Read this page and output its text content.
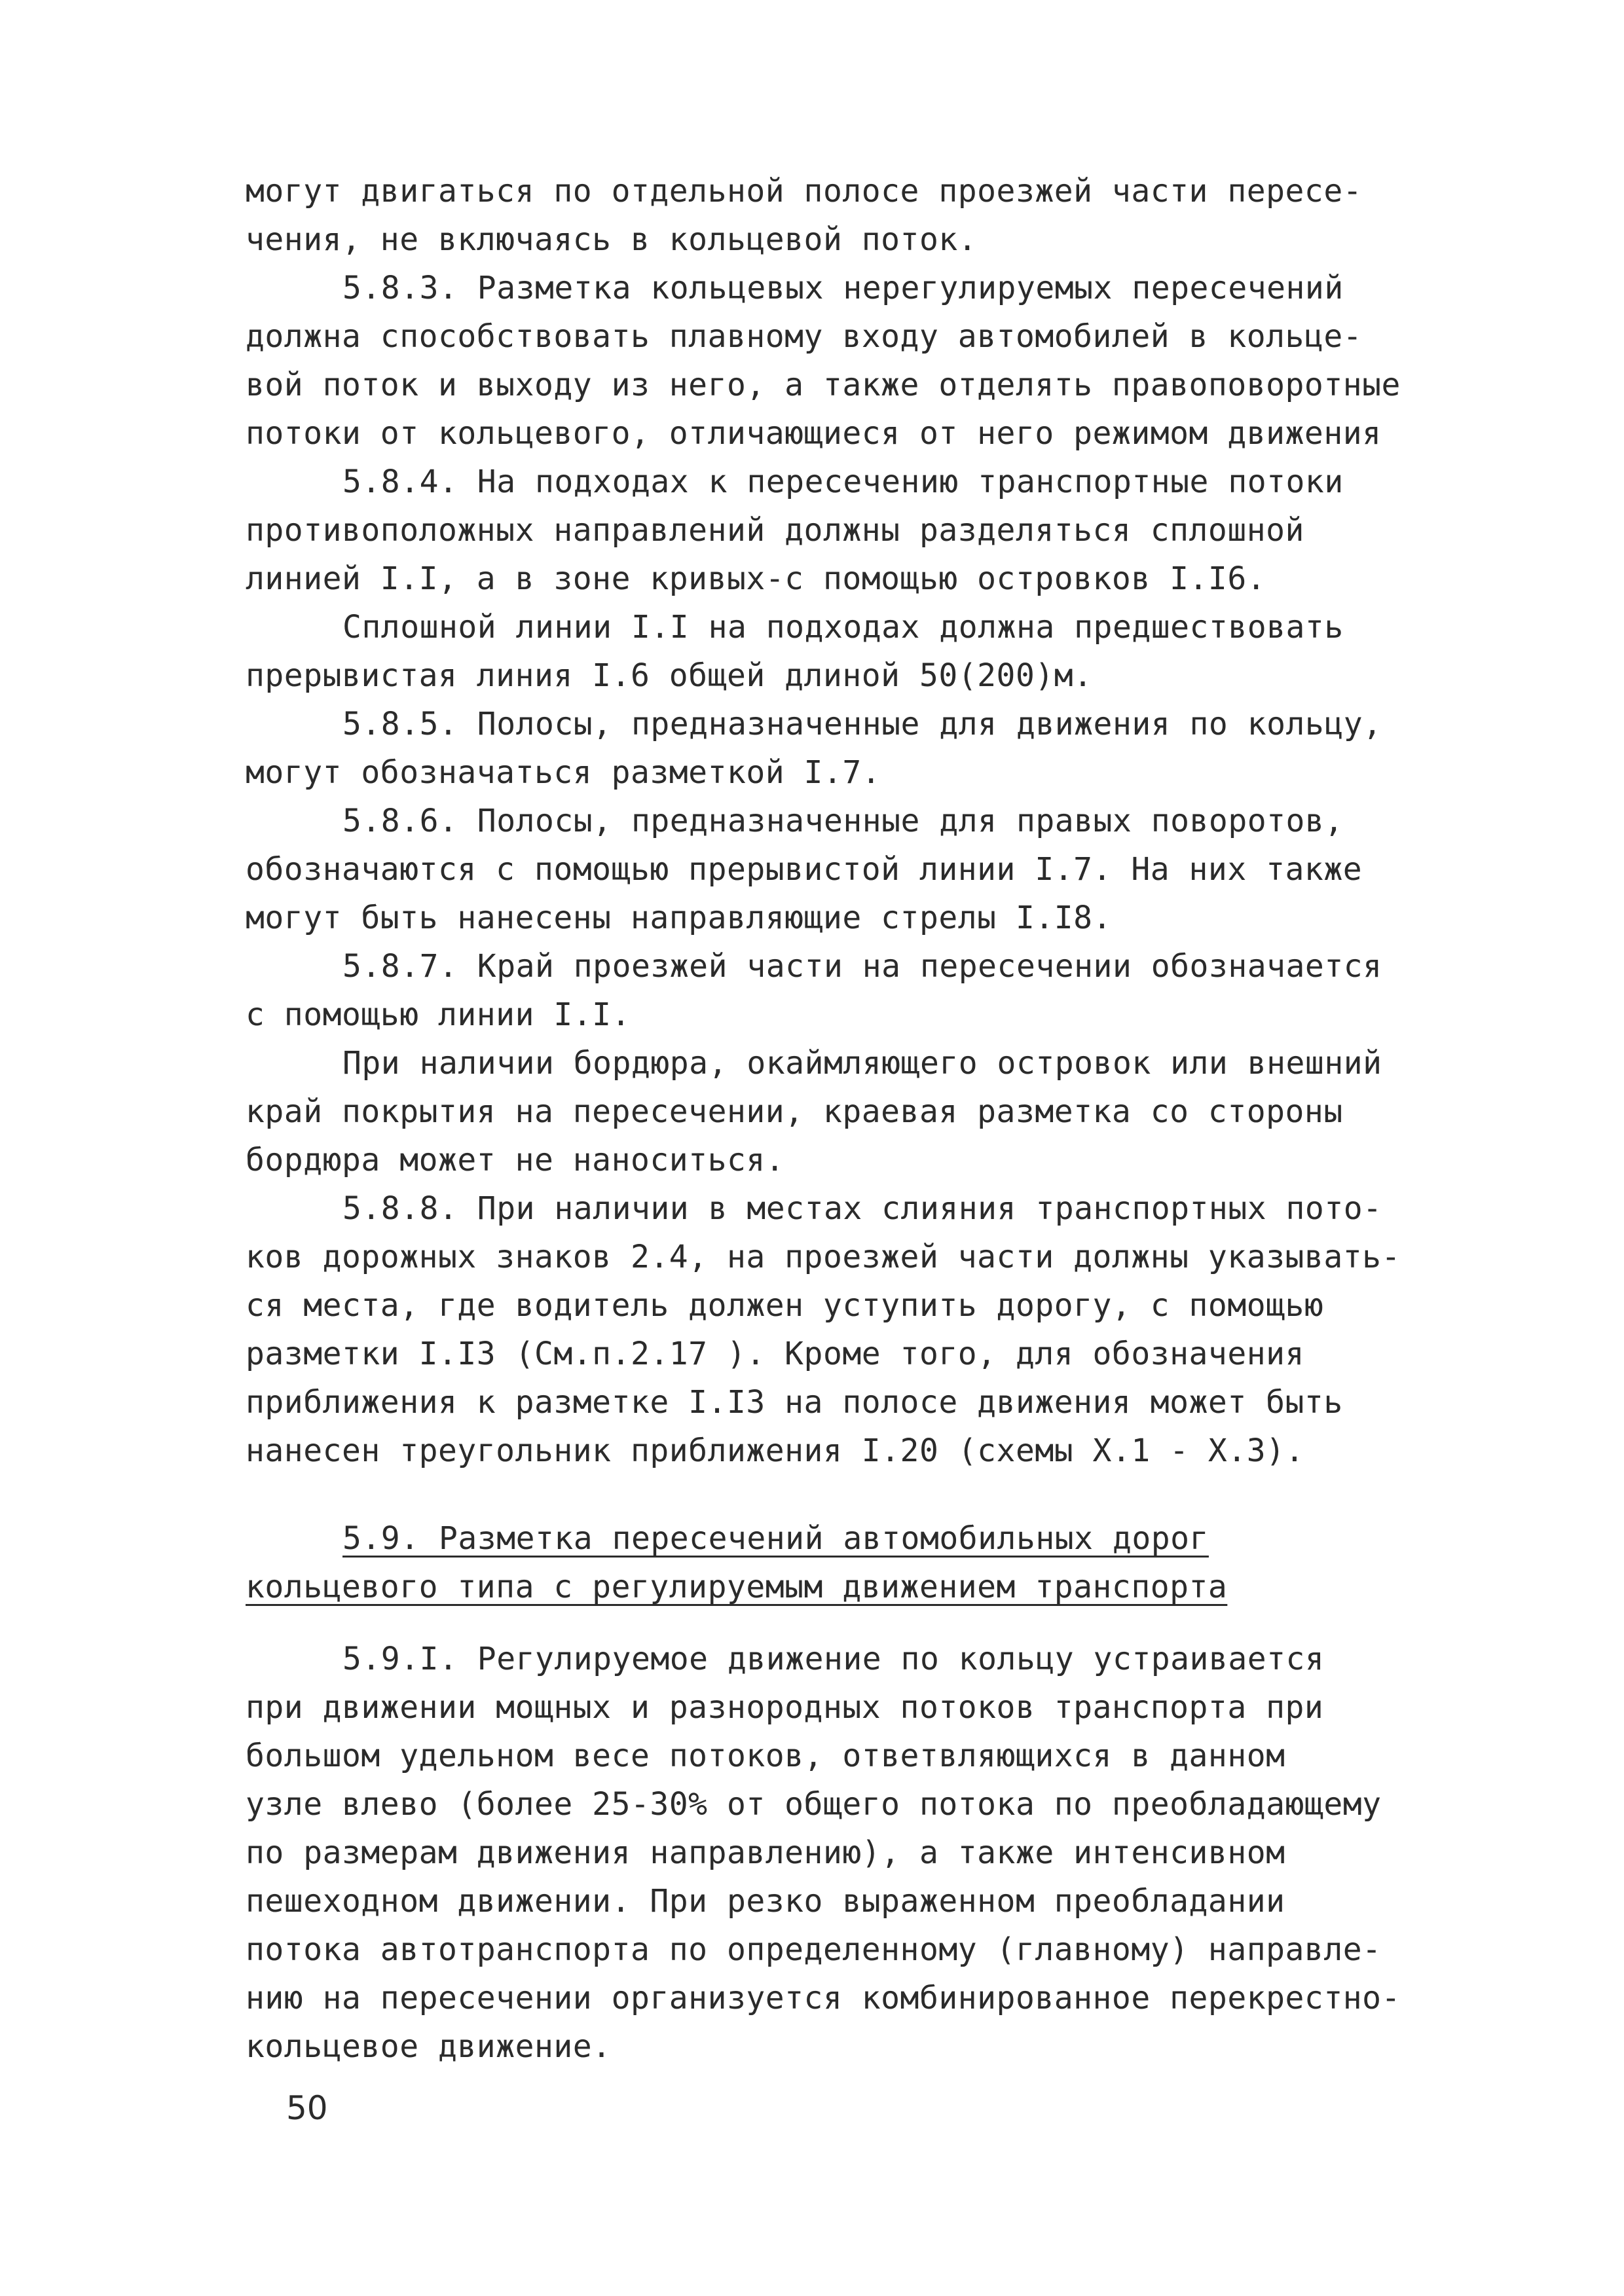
могут двигаться по отдельной полосе проезжей части пересе-
чения, не включаясь в кольцевой поток.
5.8.3. Разметка кольцевых нерегулируемых пересечений
должна способствовать плавному входу автомобилей в кольце-
вой поток и выходу из него, а также отделять правоповоротные
потоки от кольцевого, отличающиеся от него режимом движения
5.8.4. На подходах к пересечению транспортные потоки
противоположных направлений должны разделяться сплошной
линией I.I, а в зоне кривых-с помощью островков I.I6.
Сплошной линии I.I на подходах должна предшествовать
прерывистая линия I.6 общей длиной 50(200)м.
5.8.5. Полосы, предназначенные для движения по кольцу,
могут обозначаться разметкой I.7.
5.8.6. Полосы, предназначенные для правых поворотов,
обозначаются с помощью прерывистой линии I.7. На них также
могут быть нанесены направляющие стрелы I.I8.
5.8.7. Край проезжей части на пересечении обозначается
с помощью линии I.I.
При наличии бордюра, окаймляющего островок или внешний
край покрытия на пересечении, краевая разметка со стороны
бордюра может не наноситься.
5.8.8. При наличии в местах слияния транспортных пото-
ков дорожных знаков 2.4, на проезжей части должны указывать-
ся места, где водитель должен уступить дорогу, с помощью
разметки I.I3 (См.п.2.17 ). Кроме того, для обозначения
приближения к разметке I.I3 на полосе движения может быть
нанесен треугольник приближения I.20 (схемы X.1 - X.3).
5.9. Разметка пересечений автомобильных дорог
кольцевого типа с регулируемым движением транспорта
5.9.I. Регулируемое движение по кольцу устраивается
при движении мощных и разнородных потоков транспорта при
большом удельном весе потоков, ответвляющихся в данном
узле влево (более 25-30% от общего потока по преобладающему
по размерам движения направлению), а также интенсивном
пешеходном движении. При резко выраженном преобладании
потока автотранспорта по определенному (главному) направле-
нию на пересечении организуется комбинированное перекрестно-
кольцевое движение.
50
